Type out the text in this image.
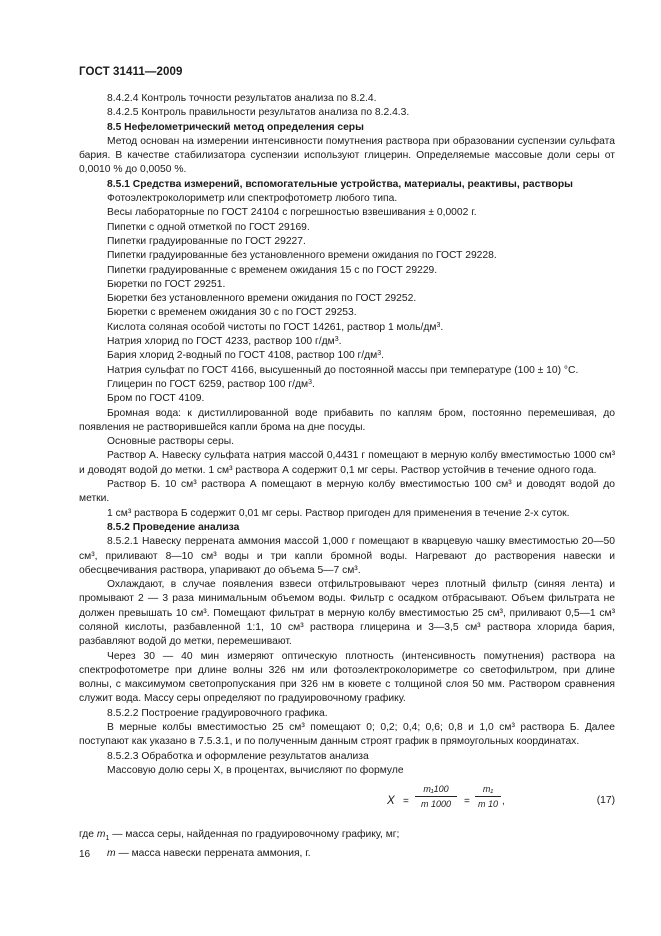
ГОСТ 31411—2009

8.4.2.4 Контроль точности результатов анализа по 8.2.4.

8.4.2.5 Контроль правильности результатов анализа по 8.2.4.3.

8.5 Нефелометрический метод определения серы

Метод основан на измерении интенсивности помутнения раствора при образовании суспензии сульфата бария. В качестве стабилизатора суспензии используют глицерин. Определяемые массовые доли серы от 0,0010 % до 0,0050 %.

8.5.1 Средства измерений, вспомогательные устройства, материалы, реактивы, растворы

Фотоэлектроколориметр или спектрофотометр любого типа.

Весы лабораторные по ГОСТ 24104 с погрешностью взвешивания ± 0,0002 г.

Пипетки с одной отметкой по ГОСТ 29169.

Пипетки градуированные по ГОСТ 29227.

Пипетки градуированные без установленного времени ожидания по ГОСТ 29228.

Пипетки градуированные с временем ожидания 15 с по ГОСТ 29229.

Бюретки по ГОСТ 29251.

Бюретки без установленного времени ожидания по ГОСТ 29252.

Бюретки с временем ожидания 30 с по ГОСТ 29253.

Кислота соляная особой чистоты по ГОСТ 14261, раствор 1 моль/$дм^3$.

Натрия хлорид по ГОСТ 4233, раствор 100 $г/дм^3$.

Бария хлорид 2-водный по ГОСТ 4108, раствор 100 $г/дм^3$.

Натрия сульфат по ГОСТ 4166, высушенный до постоянной массы при температуре (100 ± 10) °С.

Глицерин по ГОСТ 6259, раствор 100 $г/дм^3$.

Бром по ГОСТ 4109.

Бромная вода: к дистиллированной воде прибавить по каплям бром, постоянно перемешивая, до появления не растворившейся капли брома на дне посуды.

Основные растворы серы.

Раствор А. Навеску сульфата натрия массой 0,4431 г помещают в мерную колбу вместимостью 1000 см³ и доводят водой до метки. 1 см³ раствора А содержит 0,1 мг серы. Раствор устойчив в течение одного года.

Раствор Б. 10 см³ раствора А помещают в мерную колбу вместимостью 100 см³ и доводят водой до метки.

1 см³ раствора Б содержит 0,01 мг серы. Раствор пригоден для применения в течение 2-х суток.

8.5.2 Проведение анализа

8.5.2.1 Навеску перрената аммония массой 1,000 г помещают в кварцевую чашку вместимостью 20—50 см³, приливают 8—10 см³ воды и три капли бромной воды. Нагревают до растворения навески и обесцвечивания раствора, упаривают до объема 5—7 см³.

Охлаждают, в случае появления взвеси отфильтровывают через плотный фильтр (синяя лента) и промывают 2 — 3 раза минимальным объемом воды. Фильтр с осадком отбрасывают. Объем фильтрата не должен превышать 10 см³. Помещают фильтрат в мерную колбу вместимостью 25 см³, приливают 0,5—1 см³ соляной кислоты, разбавленной 1:1, 10 см³ раствора глицерина и 3—3,5 см³ раствора хлорида бария, разбавляют водой до метки, перемешивают.

Через 30 — 40 мин измеряют оптическую плотность (интенсивность помутнения) раствора на спектрофотометре при длине волны 326 нм или фотоэлектроколориметре со светофильтром, при длине волны, с максимумом светопропускания при 326 нм в кювете с толщиной слоя 50 мм. Раствором сравнения служит вода. Массу серы определяют по градуировочному графику.

8.5.2.2 Построение градуировочного графика.

В мерные колбы вместимостью 25 см³ помещают 0; 0,2; 0,4; 0,6; 0,8 и 1,0 см³ раствора Б. Далее поступают как указано в 7.5.3.1, и по полученным данным строят график в прямоугольных координатах.

8.5.2.3 Обработка и оформление результатов анализа

Массовую долю серы X, в процентах, вычисляют по формуле

$X = \frac{\text{m₁100}}{m 1000} = \frac{\text{m₁}}{m 10}$ ,	(17)

где $m_1$ — масса серы, найденная по градуировочному графику, мг;

m — масса навески перрената аммония, г.

16
